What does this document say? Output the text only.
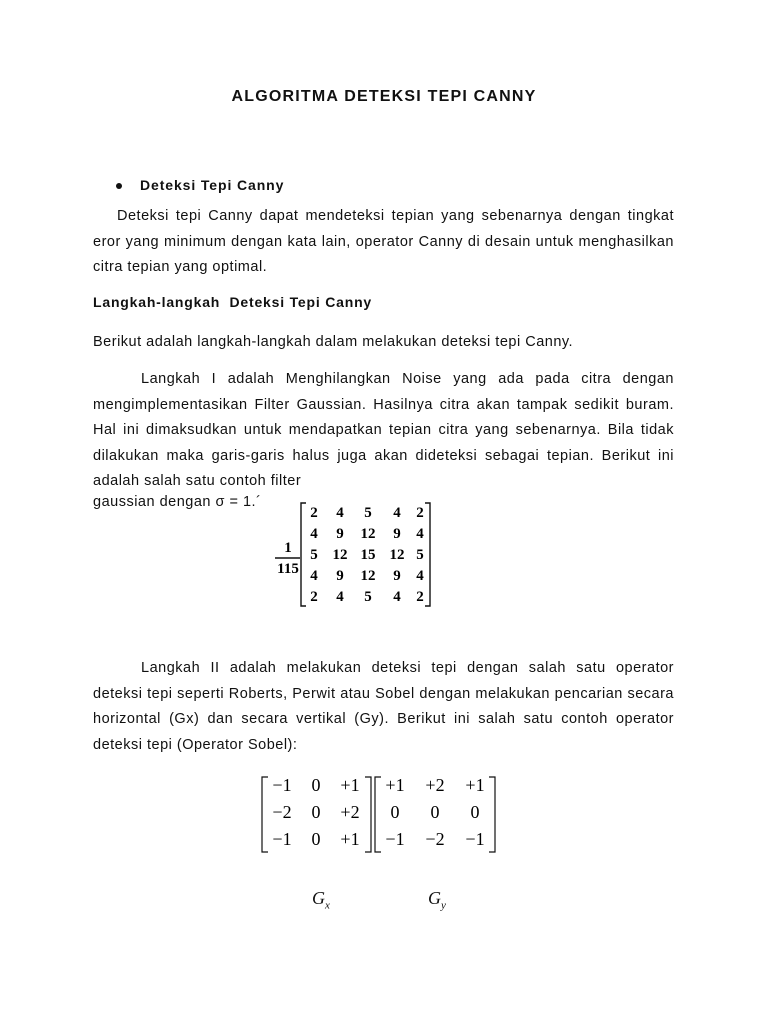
ALGORITMA DETEKSI TEPI CANNY
Deteksi Tepi Canny

Deteksi tepi Canny dapat mendeteksi tepian yang sebenarnya dengan tingkat eror yang minimum dengan kata lain, operator Canny di desain untuk menghasilkan citra tepian yang optimal.

Langkah-langkah  Deteksi Tepi Canny

Berikut adalah langkah-langkah dalam melakukan deteksi tepi Canny.

Langkah I adalah Menghilangkan Noise yang ada pada citra dengan mengimplementasikan Filter Gaussian. Hasilnya citra akan tampak sedikit buram. Hal ini dimaksudkan untuk mendapatkan tepian citra yang sebenarnya. Bila tidak dilakukan maka garis-garis halus juga akan dideteksi sebagai tepian. Berikut ini adalah salah satu contoh filter

gaussian dengan σ = 1.´
1
115
2 4 5 4 2
4 9 12 9 4
5 12 15 12 5
4 9 12 9 4
2 4 5 4 2
−1 0 +1
−2 0 +2
−1 0 +1
+1 +2 +1
0 0 0
−1 −2 −1

Langkah II adalah melakukan deteksi tepi dengan salah satu operator deteksi tepi seperti Roberts, Perwit atau Sobel dengan melakukan pencarian secara horizontal (Gx) dan secara vertikal (Gy). Berikut ini salah satu contoh operator deteksi tepi (Operator Sobel):

$G_x$	$G_y$
